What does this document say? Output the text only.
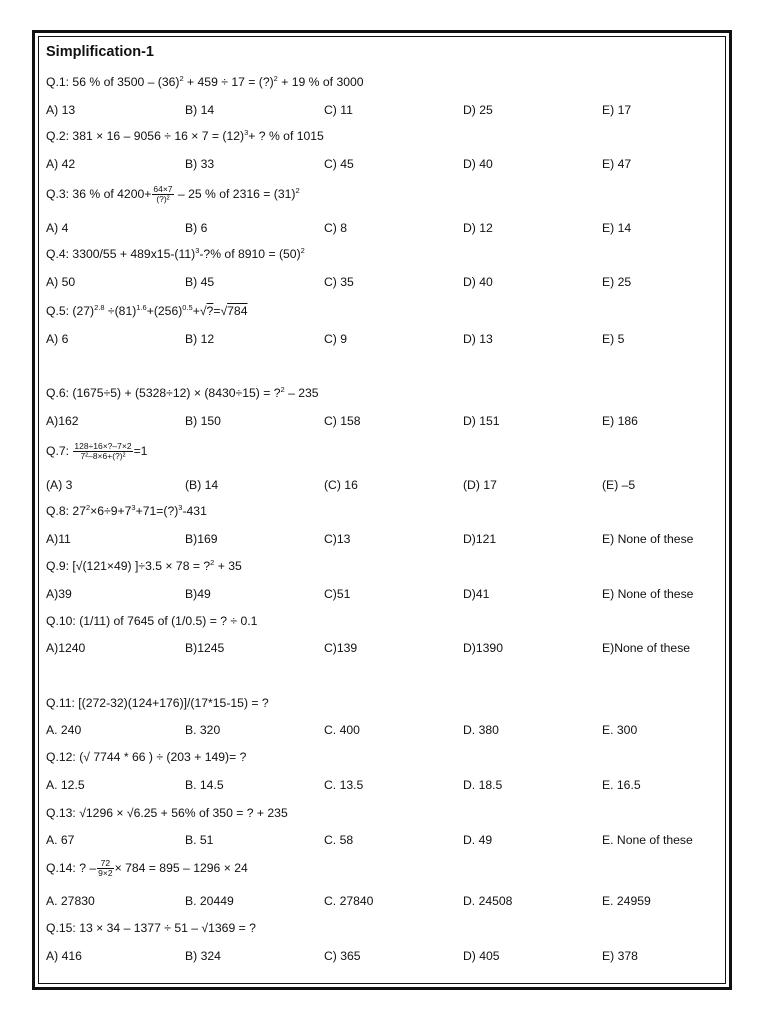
Simplification-1
Q.1: 56 % of $3500 - (36)^2 + 459 \div 17$ = (?)$^2$ + 19 % of 3000
A) 13	B) 14	C) 11	D) 25	E) 17
Q.2: $381 \times 16 - 9056 \div 16 \times 7 = (12)^3+$ ? % of 1015
A) 42	B) 33	C) 45	D) 40	E) 47
Q.3: 36 % of $4200+ \frac{64\times 7}{\text{(?)²}} - 25$ % of $2316 = (31)^2$
A) 4	B) 6	C) 8	D) 12	E) 14
Q.4: $3300/55 + 489x15-(11)^3-?\%$ of $8910 = (50)^2$
A) 50	B) 45	C) 35	D) 40	E) 25
Q.5: $(27)^{2.8}$ $\div(81)^{1.6}+(256)^{0.5}+√?=√784$
A) 6	B) 12	C) 9	D) 13	E) 5
Q.6: (1675÷5) + (5328÷12) × (8430÷15) = ?$^2$ – 235
A)162	B) 150	C) 158	D) 151	E) 186
Q.7: $\frac{128\div 16\times?-7\times 2}{\text{7²–8×6+(?)²}} =1$
(A) 3	(B) 14	(C) 16	(D) 17	(E) –5
Q.8: $27^2\times 6\div 9+7^3+71=(?)^3-431$
A)11	B)169	C)13	D)121	E) None of these
Q.9: [√(121×49) ]÷3.5 × 78 = ?$^2$ + 35
A)39	B)49	C)51	D)41	E) None of these
Q.10: (1/11) of 7645 of (1/0.5) = ? ÷ 0.1
A)1240	B)1245	C)139	D)1390	E)None of these
Q.11: [(272-32)(124+176)]/(17*15-15) = ?
A. 240	B. 320	C. 400	D. 380	E. 300
Q.12: (√ 7744 * 66 ) ÷ (203 + 149)= ?
A. 12.5	B. 14.5	C. 13.5	D. 18.5	E. 16.5
Q.13: √1296 × √6.25 + 56% of 350 = ? + 235
A. 67	B. 51	C. 58	D. 49	E. None of these
Q.14: ? – $\frac{72}{9\times 2} \times 784 = 895 - 1296 \times 24$
A. 27830	B. 20449	C. 27840	D. 24508	E. 24959
Q.15: 13 × 34 – 1377 ÷ 51 – √1369 = ?
A) 416	B) 324	C) 365	D) 405	E) 378
